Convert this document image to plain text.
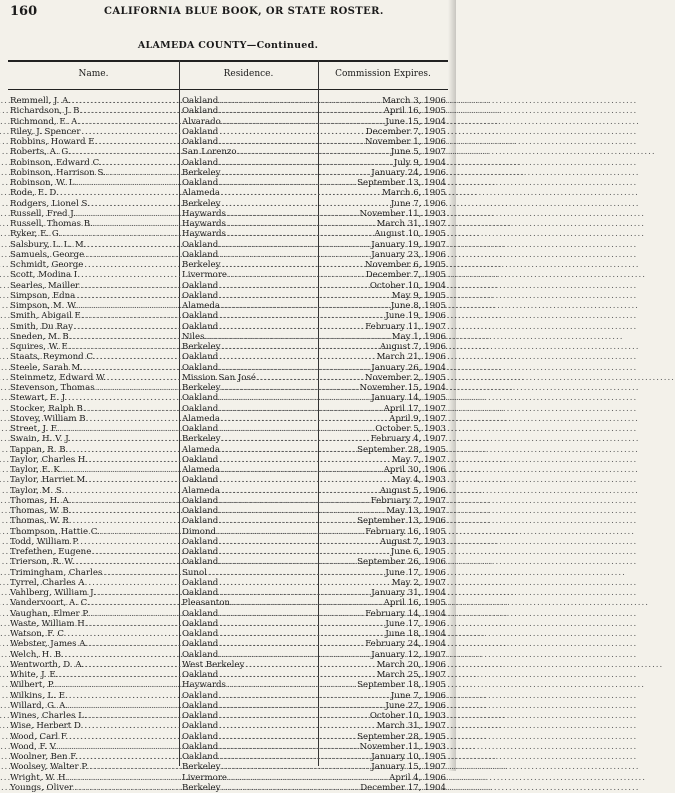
160	CALIFORNIA BLUE BOOK, OR STATE ROSTER.
ALAMEDA COUNTY—Continued.
Name.	Residence.	Commission Expires.
Remmell, J. A. .....	Oakland ..... .....	March 3, 1906
Richardson, J. B. .....	Oakland ..... .....	April 16, 1905
Richmond, E. A. .....	Alvarado ..... .....	June 15, 1904
Riley, J. Spencer .....	Oakland ..... .....	December 7, 1905
Robbins, Howard E. .....	Oakland ..... .....	November 1, 1906
Roberts, A. G. .....	San Lorenzo ..... .....	June 5, 1907
Robinson, Edward C. .....	Oakland ..... .....	July 9, 1904
Robinson, Harrison S. .....	Berkeley ..... .....	January 24, 1906
Robinson, W. L. .....	Oakland ..... .....	September 13, 1904
Rode, E. D. .....	Alameda ..... .....	March 6, 1905
Rodgers, Lionel S. .....	Berkeley ..... .....	June 7, 1906
Russell, Fred J. .....	Haywards ..... .....	November 11, 1903
Russell, Thomas B. .....	Haywards ..... .....	March 31, 1907
Ryker, E. G. .....	Haywards ..... .....	August 10, 1905
Salsbury, L. L. M. .....	Oakland ..... .....	January 19, 1907
Samuels, George .....	Oakland ..... .....	January 23, 1906
Schmidt, George .....	Berkeley ..... .....	November 6, 1905
Scott, Modina I. .....	Livermore ..... .....	December 7, 1905
Searles, Mailler .....	Oakland ..... .....	October 10, 1904
Simpson, Edna .....	Oakland ..... .....	May 9, 1905
Simpson, M. W. .....	Alameda ..... .....	June 8, 1905
Smith, Abigail E. .....	Oakland ..... .....	June 19, 1906
Smith, Du Ray .....	Oakland ..... .....	February 11, 1907
Sneden, M. B. .....	Niles ..... .....	May 1, 1906
Squires, W. E. .....	Berkeley ..... .....	August 7, 1906
Staats, Reymond C. .....	Oakland ..... .....	March 21, 1906
Steele, Sarah M. .....	Oakland ..... .....	January 26, 1904
Steinmetz, Edward W. .....	Mission San José ..... .....	November 2, 1905
Stevenson, Thomas .....	Berkeley ..... .....	November 15, 1904
Stewart, E. J. .....	Oakland ..... .....	January 14, 1905
Stocker, Ralph B. .....	Oakland ..... .....	April 17, 1907
Stovey, William B. .....	Alameda ..... .....	April 9, 1907
Street, J. F. .....	Oakland ..... .....	October 5, 1903
Swain, H. V. J. .....	Berkeley ..... .....	February 4, 1907
Tappan, R. B. .....	Alameda ..... .....	September 28, 1905
Taylor, Charles H. .....	Oakland ..... .....	May 7, 1907
Taylor, E. K. .....	Alameda ..... .....	April 30, 1906
Taylor, Harriet M. .....	Oakland ..... .....	May 4, 1903
Taylor, M. S. .....	Alameda ..... .....	August 5, 1906
Thomas, H. A. .....	Oakland ..... .....	February 7, 1907
Thomas, W. B. .....	Oakland ..... .....	May 13, 1907
Thomas, W. R. .....	Oakland ..... .....	September 13, 1906
Thompson, Hattie C. .....	Dimond ..... .....	February 16, 1905
Todd, William P. .....	Oakland ..... .....	August 7, 1903
Trefethen, Eugene .....	Oakland ..... .....	June 6, 1905
Trierson, R. W. .....	Oakland ..... .....	September 26, 1906
Trimingham, Charles .....	Sunol ..... .....	June 17, 1906
Tyrrel, Charles A. .....	Oakland ..... .....	May 2, 1907
Vahlberg, William J. .....	Oakland ..... .....	January 31, 1904
Vandervoort, A. C. .....	Pleasanton ..... .....	April 16, 1905
Vaughan, Elmer P. .....	Oakland ..... .....	February 14, 1904
Waste, William H. .....	Oakland ..... .....	June 17, 1906
Watson, F. C. .....	Oakland ..... .....	June 18, 1904
Webster, James A. .....	Oakland ..... .....	February 24, 1904
Welch, H. B. .....	Oakland ..... .....	January 12, 1907
Wentworth, D. A. .....	West Berkeley ..... .....	March 20, 1906
White, J. E. .....	Oakland ..... .....	March 25, 1907
Wilbert, P. .....	Haywards ..... .....	September 18, 1905
Wilkins, L. E. .....	Oakland ..... .....	June 7, 1906
Willard, G. A. .....	Oakland ..... .....	June 27, 1906
Wines, Charles L. .....	Oakland ..... .....	October 10, 1903
Wise, Herbert D. .....	Oakland ..... .....	March 31, 1907
Wood, Carl F. .....	Oakland ..... .....	September 28, 1905
Wood, F. V. .....	Oakland ..... .....	November 11, 1903
Woolner, Ben F. .....	Oakland ..... .....	January 10, 1905
Woolsey, Walter P. .....	Berkeley ..... .....	January 15, 1907
Wright, W. H. .....	Livermore ..... .....	April 4, 1906
Youngs, Oliver .....	Berkeley ..... .....	December 17, 1904
